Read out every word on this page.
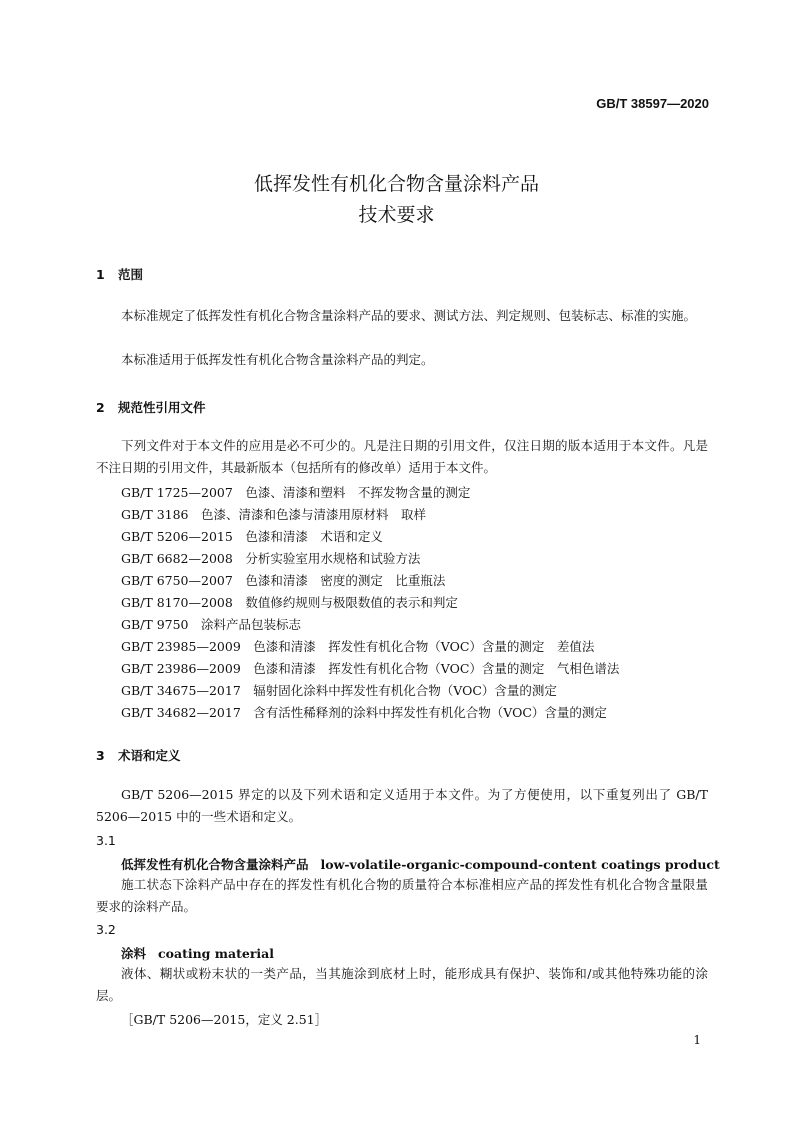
GB/T 38597—2020
低挥发性有机化合物含量涂料产品
技术要求
1 范围

本标准规定了低挥发性有机化合物含量涂料产品的要求、测试方法、判定规则、包装标志、标准的实施。

本标准适用于低挥发性有机化合物含量涂料产品的判定。

2 规范性引用文件

下列文件对于本文件的应用是必不可少的。凡是注日期的引用文件，仅注日期的版本适用于本文件。凡是不注日期的引用文件，其最新版本（包括所有的修改单）适用于本文件。

GB/T 1725—2007　色漆、清漆和塑料　不挥发物含量的测定
GB/T 3186　色漆、清漆和色漆与清漆用原材料　取样
GB/T 5206—2015　色漆和清漆　术语和定义
GB/T 6682—2008　分析实验室用水规格和试验方法
GB/T 6750—2007　色漆和清漆　密度的测定　比重瓶法
GB/T 8170—2008　数值修约规则与极限数值的表示和判定
GB/T 9750　涂料产品包装标志
GB/T 23985—2009　色漆和清漆　挥发性有机化合物（VOC）含量的测定　差值法
GB/T 23986—2009　色漆和清漆　挥发性有机化合物（VOC）含量的测定　气相色谱法
GB/T 34675—2017　辐射固化涂料中挥发性有机化合物（VOC）含量的测定
GB/T 34682—2017　含有活性稀释剂的涂料中挥发性有机化合物（VOC）含量的测定
3 术语和定义

GB/T 5206—2015 界定的以及下列术语和定义适用于本文件。为了方便使用，以下重复列出了 GB/T 5206—2015 中的一些术语和定义。

3.1
低挥发性有机化合物含量涂料产品 low-volatile-organic-compound-content coatings product

施工状态下涂料产品中存在的挥发性有机化合物的质量符合本标准相应产品的挥发性有机化合物含量限量要求的涂料产品。

3.2
涂料 coating material

液体、糊状或粉末状的一类产品，当其施涂到底材上时，能形成具有保护、装饰和/或其他特殊功能的涂层。

［GB/T 5206—2015，定义 2.51］
1
